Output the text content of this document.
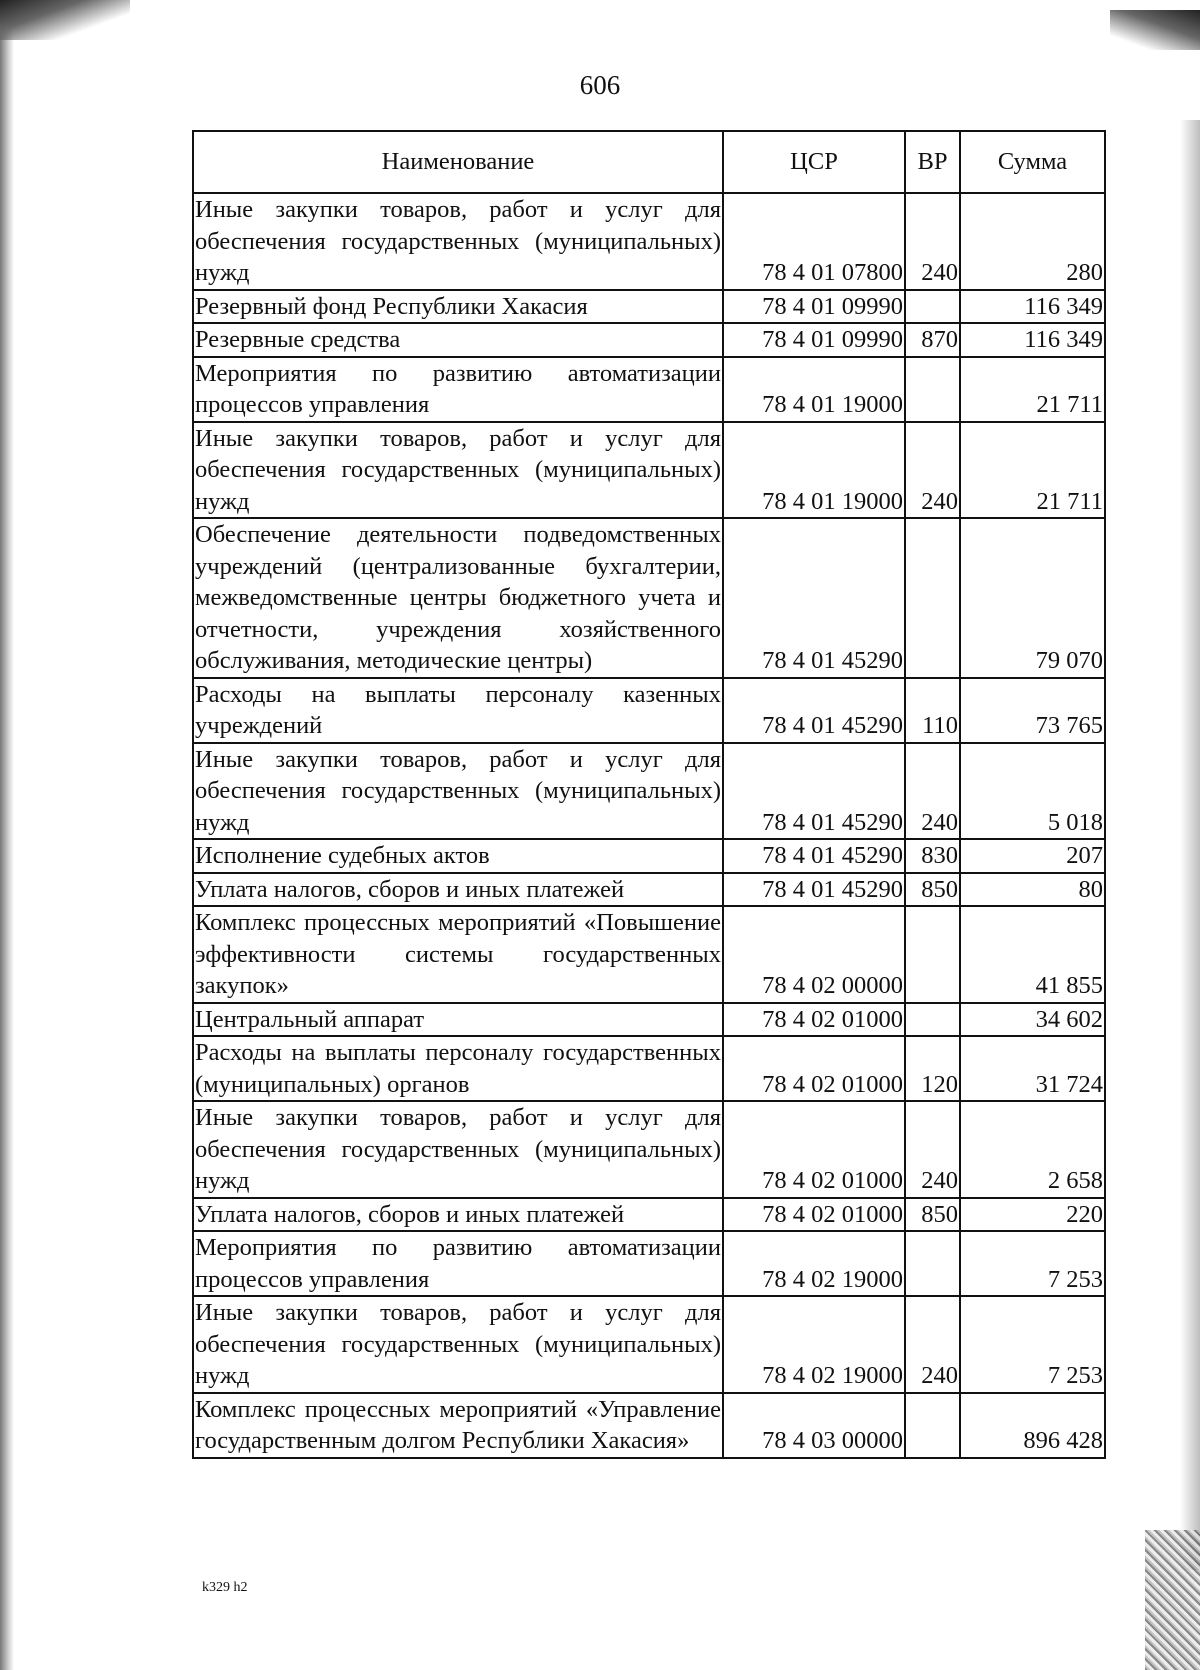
606
Наименование	ЦСР	ВР	Сумма
Иные закупки товаров, работ и услуг для обеспечения государственных (муниципальных) нужд	78 4 01 07800	240	280
Резервный фонд Республики Хакасия	78 4 01 09990		116 349
Резервные средства	78 4 01 09990	870	116 349
Мероприятия по развитию автоматизации процессов управления	78 4 01 19000		21 711
Иные закупки товаров, работ и услуг для обеспечения государственных (муниципальных) нужд	78 4 01 19000	240	21 711
Обеспечение деятельности подведомственных учреждений (централизованные бухгалтерии, межведомственные центры бюджетного учета и отчетности, учреждения хозяйственного обслуживания, методические центры)	78 4 01 45290		79 070
Расходы на выплаты персоналу казенных учреждений	78 4 01 45290	110	73 765
Иные закупки товаров, работ и услуг для обеспечения государственных (муниципальных) нужд	78 4 01 45290	240	5 018
Исполнение судебных актов	78 4 01 45290	830	207
Уплата налогов, сборов и иных платежей	78 4 01 45290	850	80
Комплекс процессных мероприятий «Повышение эффективности системы государственных закупок»	78 4 02 00000		41 855
Центральный аппарат	78 4 02 01000		34 602
Расходы на выплаты персоналу государственных (муниципальных) органов	78 4 02 01000	120	31 724
Иные закупки товаров, работ и услуг для обеспечения государственных (муниципальных) нужд	78 4 02 01000	240	2 658
Уплата налогов, сборов и иных платежей	78 4 02 01000	850	220
Мероприятия по развитию автоматизации процессов управления	78 4 02 19000		7 253
Иные закупки товаров, работ и услуг для обеспечения государственных (муниципальных) нужд	78 4 02 19000	240	7 253
Комплекс процессных мероприятий «Управление государственным долгом Республики Хакасия»	78 4 03 00000		896 428
k329 h2
